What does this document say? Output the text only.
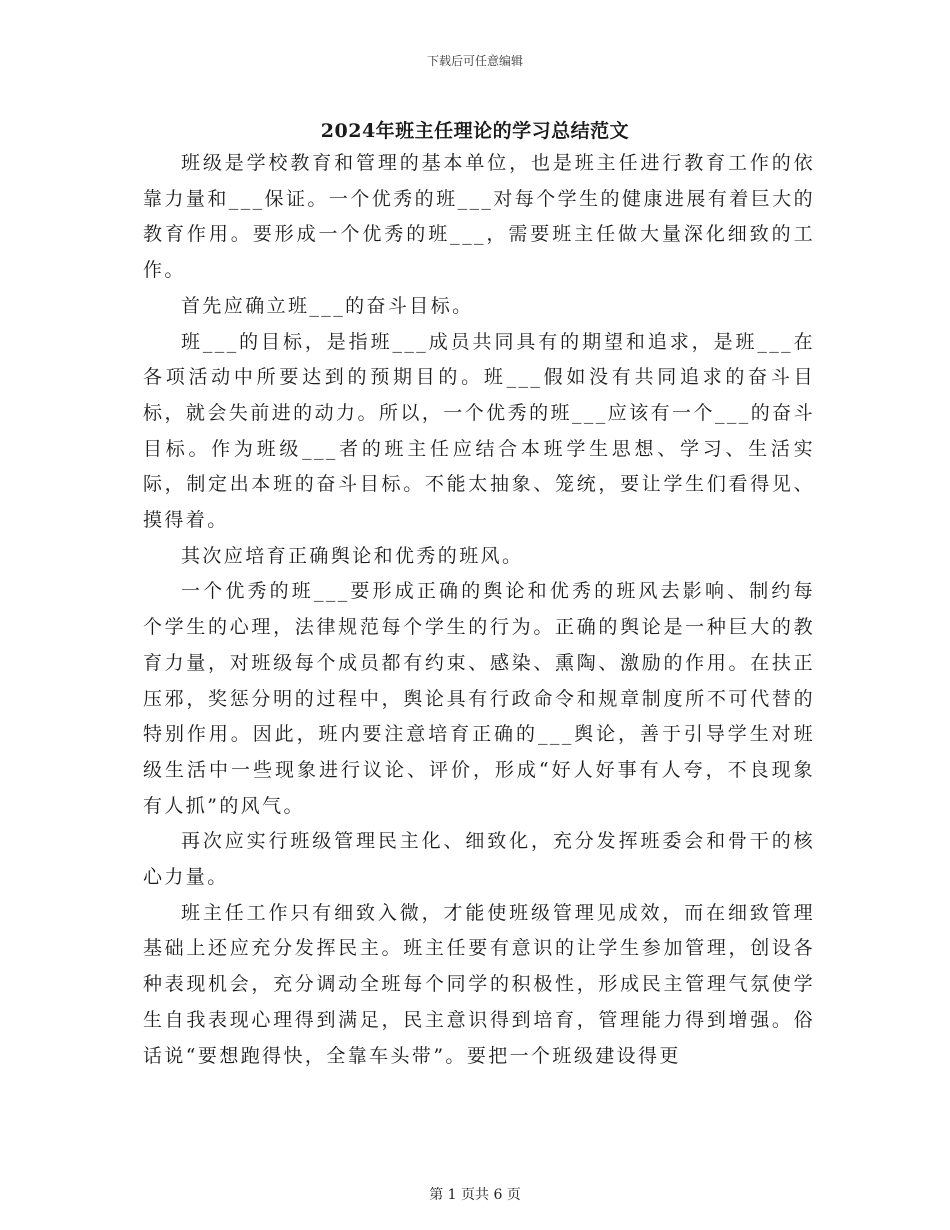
下载后可任意编辑
2024年班主任理论的学习总结范文

班级是学校教育和管理的基本单位，也是班主任进行教育工作的依靠力量和___保证。一个优秀的班___对每个学生的健康进展有着巨大的教育作用。要形成一个优秀的班___，需要班主任做大量深化细致的工作。

首先应确立班___的奋斗目标。

班___的目标，是指班___成员共同具有的期望和追求，是班___在各项活动中所要达到的预期目的。班___假如没有共同追求的奋斗目标，就会失前进的动力。所以，一个优秀的班___应该有一个___的奋斗目标。作为班级___者的班主任应结合本班学生思想、学习、生活实际，制定出本班的奋斗目标。不能太抽象、笼统，要让学生们看得见、摸得着。

其次应培育正确舆论和优秀的班风。

一个优秀的班___要形成正确的舆论和优秀的班风去影响、制约每个学生的心理，法律规范每个学生的行为。正确的舆论是一种巨大的教育力量，对班级每个成员都有约束、感染、熏陶、激励的作用。在扶正压邪，奖惩分明的过程中，舆论具有行政命令和规章制度所不可代替的特别作用。因此，班内要注意培育正确的___舆论，善于引导学生对班级生活中一些现象进行议论、评价，形成“好人好事有人夸，不良现象有人抓”的风气。

再次应实行班级管理民主化、细致化，充分发挥班委会和骨干的核心力量。

班主任工作只有细致入微，才能使班级管理见成效，而在细致管理基础上还应充分发挥民主。班主任要有意识的让学生参加管理，创设各种表现机会，充分调动全班每个同学的积极性，形成民主管理气氛使学生自我表现心理得到满足，民主意识得到培育，管理能力得到增强。俗话说“要想跑得快，全靠车头带”。要把一个班级建设得更

第 1 页共 6 页
